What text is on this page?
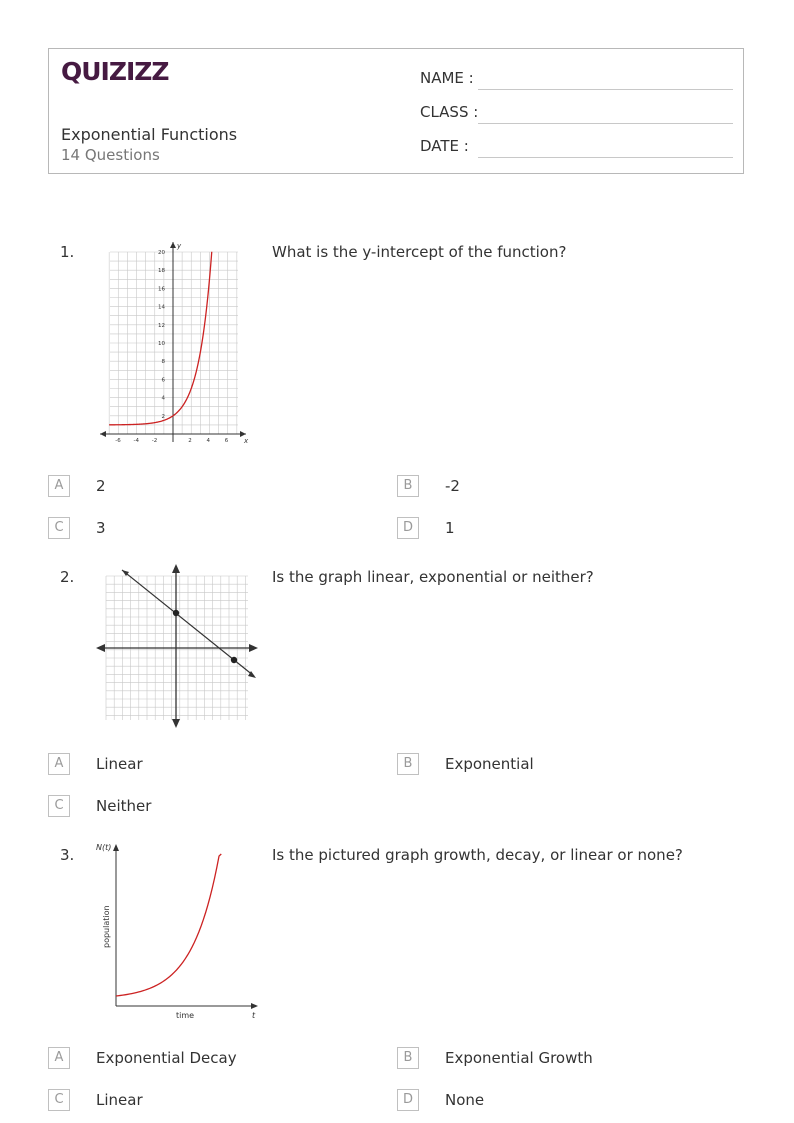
QUIZIZZ
Exponential Functions
14 Questions
NAME :
CLASS :
DATE :
1.	What is the y-intercept of the function?
x
y
-6 -4 -2	2	4	6
2
4
6
8
10
12
14
16
18
20
A	2	B	-2
C	3	D	1
2.	Is the graph linear, exponential or neither?
A	Linear	B	Exponential
C	Neither
3.	Is the pictured graph growth, decay, or linear or none?
N(t)
population
time	t
A	Exponential Decay	B	Exponential Growth
C	Linear	D	None
